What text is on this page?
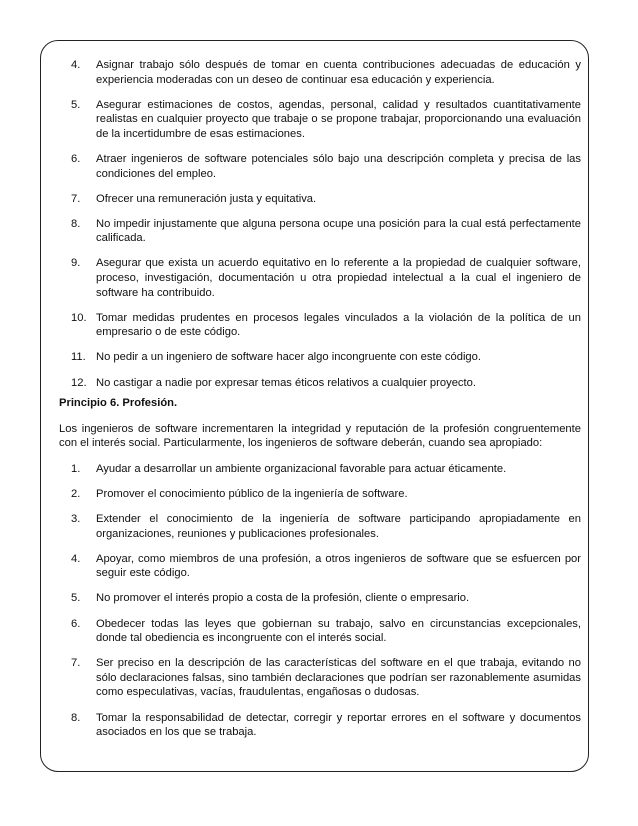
4.	Asignar trabajo sólo después de tomar en cuenta contribuciones adecuadas de educación y experiencia moderadas con un deseo de continuar esa educación y experiencia.
5.	Asegurar estimaciones de costos, agendas, personal, calidad y resultados cuantitativamente realistas en cualquier proyecto que trabaje o se propone trabajar, proporcionando una evaluación de la incertidumbre de esas estimaciones.
6.	Atraer ingenieros de software potenciales sólo bajo una descripción completa y precisa de las condiciones del empleo.
7.	Ofrecer una remuneración justa y equitativa.
8.	No impedir injustamente que alguna persona ocupe una posición para la cual está perfectamente calificada.
9.	Asegurar que exista un acuerdo equitativo en lo referente a la propiedad de cualquier software, proceso, investigación, documentación u otra propiedad intelectual a la cual el ingeniero de software ha contribuido.
10. Tomar medidas prudentes en procesos legales vinculados a la violación de la política de un empresario o de este código.
11. No pedir a un ingeniero de software hacer algo incongruente con este código.
12. No castigar a nadie por expresar temas éticos relativos a cualquier proyecto.
Principio 6. Profesión.
Los ingenieros de software incrementaren la integridad y reputación de la profesión congruentemente con el interés social. Particularmente, los ingenieros de software deberán, cuando sea apropiado:
1.	Ayudar a desarrollar un ambiente organizacional favorable para actuar éticamente.
2.	Promover el conocimiento público de la ingeniería de software.
3.	Extender el conocimiento de la ingeniería de software participando apropiadamente en organizaciones, reuniones y publicaciones profesionales.
4.	Apoyar, como miembros de una profesión, a otros ingenieros de software que se esfuercen por seguir este código.
5.	No promover el interés propio a costa de la profesión, cliente o empresario.
6.	Obedecer todas las leyes que gobiernan su trabajo, salvo en circunstancias excepcionales, donde tal obediencia es incongruente con el interés social.
7.	Ser preciso en la descripción de las características del software en el que trabaja, evitando no sólo declaraciones falsas, sino también declaraciones que podrían ser razonablemente asumidas como especulativas, vacías, fraudulentas, engañosas o dudosas.
8.	Tomar la responsabilidad de detectar, corregir y reportar errores en el software y documentos asociados en los que se trabaja.
